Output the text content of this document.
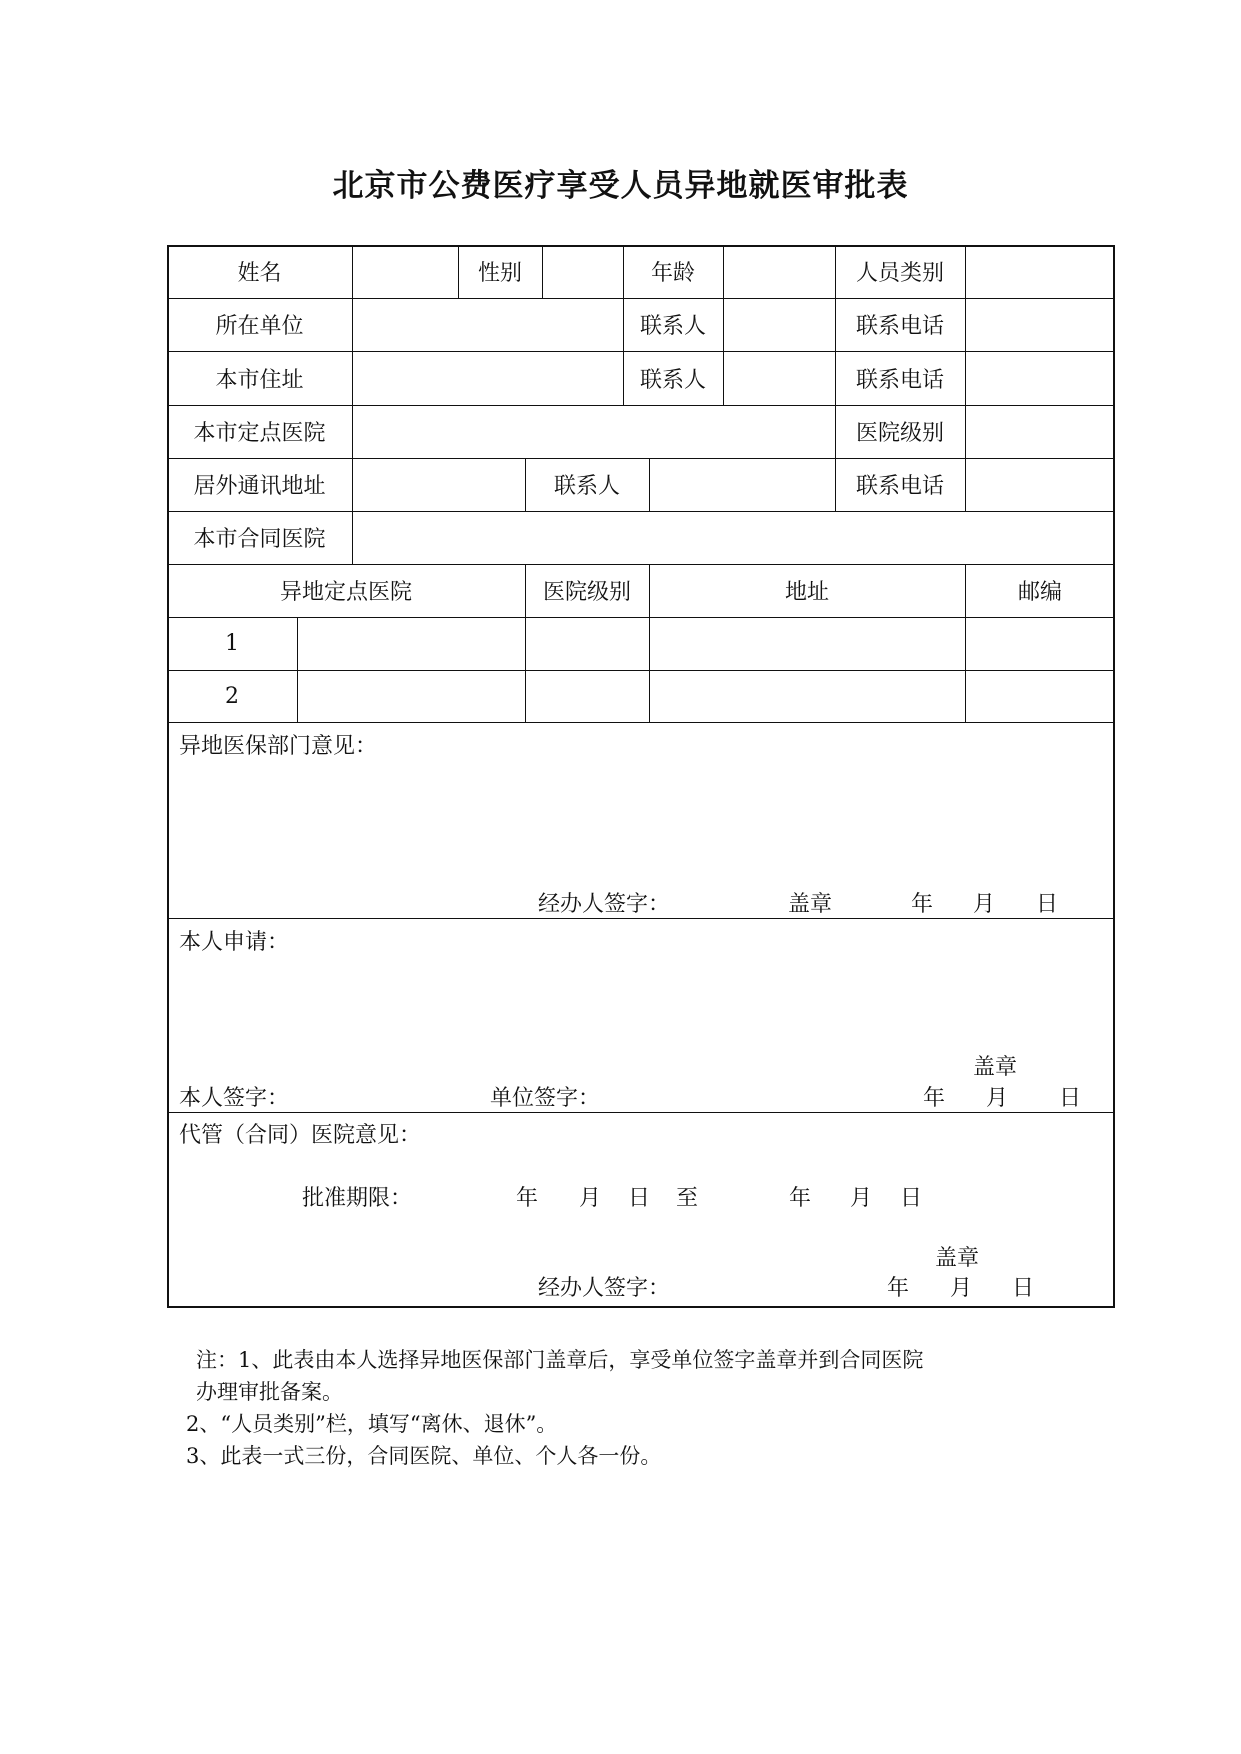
北京市公费医疗享受人员异地就医审批表
姓名	性别	年龄	人员类别
所在单位	联系人	联系电话
本市住址	联系人	联系电话
本市定点医院	医院级别
居外通讯地址	联系人	联系电话
本市合同医院
异地定点医院	医院级别	地址	邮编
1
2
异地医保部门意见：
经办人签字：	盖章	年 月 日
本人申请：
盖章
本人签字：	单位签字：	年 月 日
代管（合同）医院意见：
批准期限：	年 月 日 至	年 月 日
盖章
经办人签字：	年 月 日
注：1、此表由本人选择异地医保部门盖章后，享受单位签字盖章并到合同医院
办理审批备案。
2、“人员类别”栏，填写“离休、退休”。
3、此表一式三份，合同医院、单位、个人各一份。
